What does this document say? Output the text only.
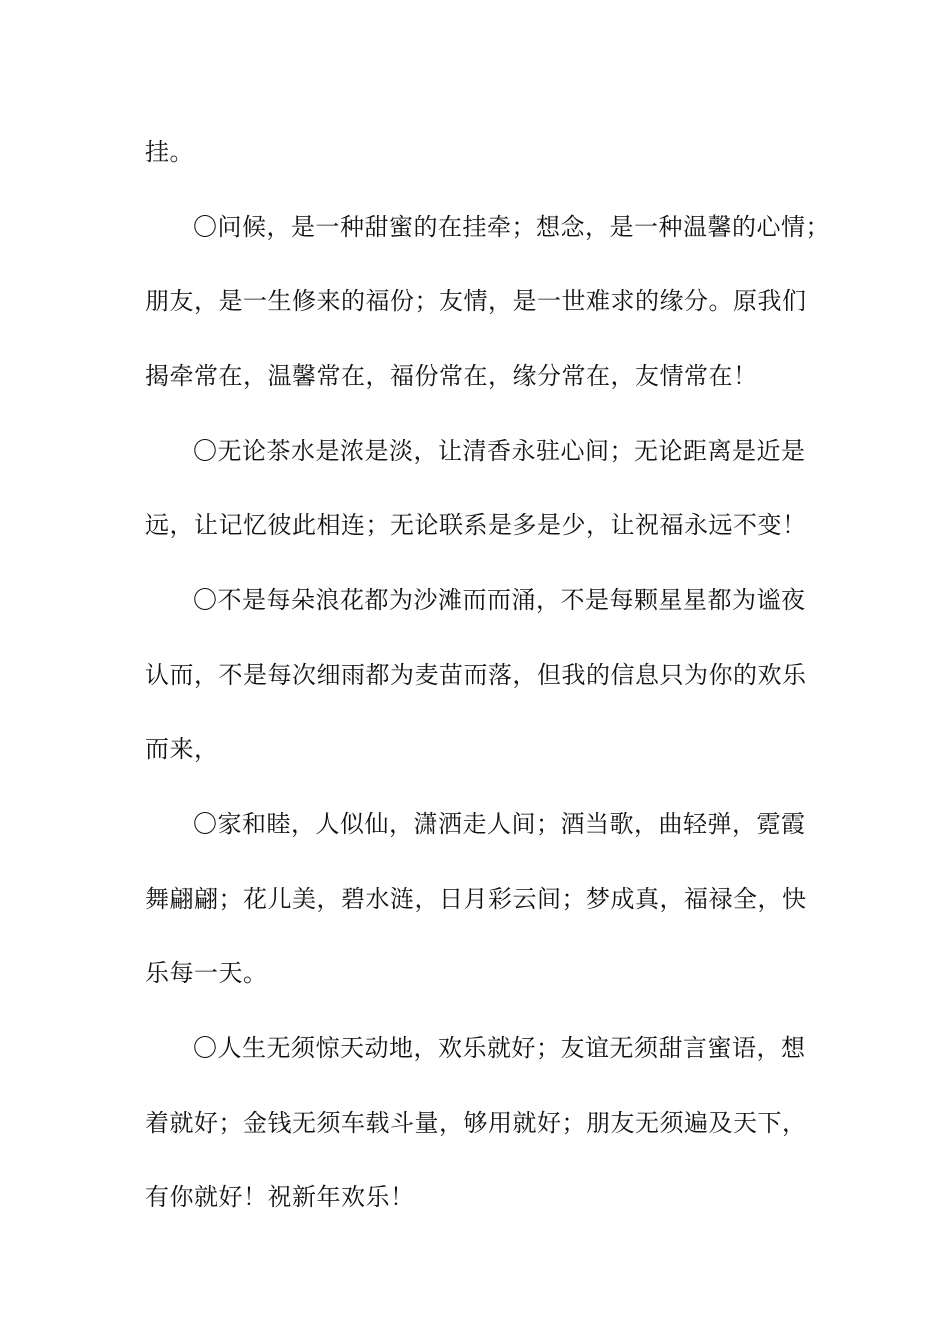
挂。
〇问候，是一种甜蜜的在挂牵；想念，是一种温馨的心情；
朋友，是一生修来的福份；友情，是一世难求的缘分。原我们
揭牵常在，温馨常在，福份常在，缘分常在，友情常在！
〇无论茶水是浓是淡，让清香永驻心间；无论距离是近是
远，让记忆彼此相连；无论联系是多是少，让祝福永远不变！
〇不是每朵浪花都为沙滩而而涌，不是每颗星星都为谧夜
认而，不是每次细雨都为麦苗而落，但我的信息只为你的欢乐
而来，
〇家和睦，人似仙，潇洒走人间；酒当歌，曲轻弹，霓霞
舞翩翩；花儿美，碧水涟，日月彩云间；梦成真，福禄全，快
乐每一天。
〇人生无须惊天动地，欢乐就好；友谊无须甜言蜜语，想
着就好；金钱无须车载斗量，够用就好；朋友无须遍及天下，
有你就好！祝新年欢乐！
